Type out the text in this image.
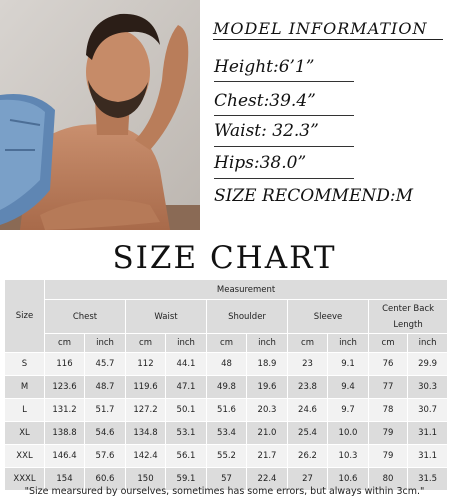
MODEL INFORMATION
Height:6’1”
Chest:39.4”
Waist: 32.3”
Hips:38.0”
SIZE RECOMMEND:M
SIZE CHART
Size	Measurement									
	Chest		Waist		Shoulder		Sleeve		Center Back Length	
	cm	inch	cm	inch	cm	inch	cm	inch	cm	inch
S	116	45.7	112	44.1	48	18.9	23	9.1	76	29.9
M	123.6	48.7	119.6	47.1	49.8	19.6	23.8	9.4	77	30.3
L	131.2	51.7	127.2	50.1	51.6	20.3	24.6	9.7	78	30.7
XL	138.8	54.6	134.8	53.1	53.4	21.0	25.4	10.0	79	31.1
XXL	146.4	57.6	142.4	56.1	55.2	21.7	26.2	10.3	79	31.1
XXXL	154	60.6	150	59.1	57	22.4	27	10.6	80	31.5
"Size mearsured by ourselves, sometimes has some errors, but always within 3cm."
